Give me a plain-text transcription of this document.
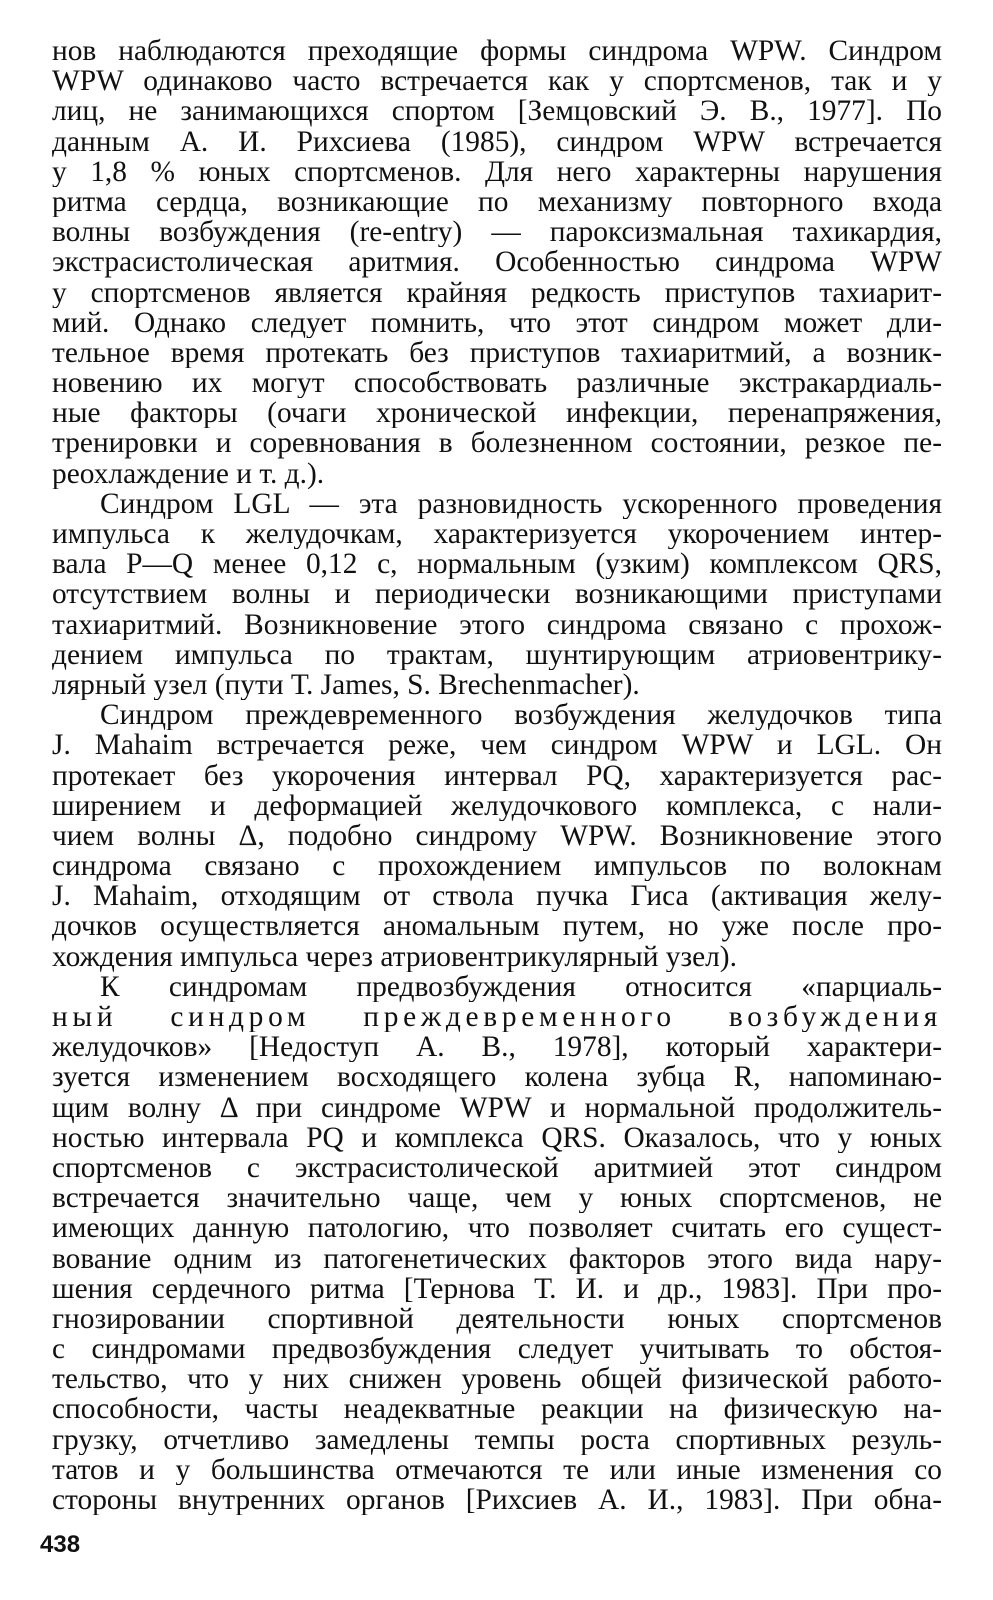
нов наблюдаются преходящие формы синдрома WPW. Синдром
WPW одинаково часто встречается как у спортсменов, так и у
лиц, не занимающихся спортом [Земцовский Э. В., 1977]. По
данным А. И. Рихсиева (1985), синдром WPW встречается
у 1,8 % юных спортсменов. Для него характерны нарушения
ритма сердца, возникающие по механизму повторного входа
волны возбуждения (re-entry) — пароксизмальная тахикардия,
экстрасистолическая аритмия. Особенностью синдрома WPW
у спортсменов является крайняя редкость приступов тахиарит-
мий. Однако следует помнить, что этот синдром может дли-
тельное время протекать без приступов тахиаритмий, а возник-
новению их могут способствовать различные экстракардиаль-
ные факторы (очаги хронической инфекции, перенапряжения,
тренировки и соревнования в болезненном состоянии, резкое пе-
реохлаждение и т. д.).
Синдром LGL — эта разновидность ускоренного проведения
импульса к желудочкам, характеризуется укорочением интер-
вала P—Q менее 0,12 с, нормальным (узким) комплексом QRS,
отсутствием волны и периодически возникающими приступами
тахиаритмий. Возникновение этого синдрома связано с прохож-
дением импульса по трактам, шунтирующим атриовентрику-
лярный узел (пути Т. James, S. Brechenmacher).
Синдром преждевременного возбуждения желудочков типа
J. Mahaim встречается реже, чем синдром WPW и LGL. Он
протекает без укорочения интервал PQ, характеризуется рас-
ширением и деформацией желудочкового комплекса, с нали-
чием волны Δ, подобно синдрому WPW. Возникновение этого
синдрома связано с прохождением импульсов по волокнам
J. Mahaim, отходящим от ствола пучка Гиса (активация желу-
дочков осуществляется аномальным путем, но уже после про-
хождения импульса через атриовентрикулярный узел).
К синдромам предвозбуждения относится «парциаль-
ный синдром преждевременного возбуждения
желудочков» [Недоступ А. В., 1978], который характери-
зуется изменением восходящего колена зубца R, напоминаю-
щим волну Δ при синдроме WPW и нормальной продолжитель-
ностью интервала PQ и комплекса QRS. Оказалось, что у юных
спортсменов с экстрасистолической аритмией этот синдром
встречается значительно чаще, чем у юных спортсменов, не
имеющих данную патологию, что позволяет считать его сущест-
вование одним из патогенетических факторов этого вида нару-
шения сердечного ритма [Тернова Т. И. и др., 1983]. При про-
гнозировании спортивной деятельности юных спортсменов
с синдромами предвозбуждения следует учитывать то обстоя-
тельство, что у них снижен уровень общей физической работо-
способности, часты неадекватные реакции на физическую на-
грузку, отчетливо замедлены темпы роста спортивных резуль-
татов и у большинства отмечаются те или иные изменения со
стороны внутренних органов [Рихсиев А. И., 1983]. При обна-
438
